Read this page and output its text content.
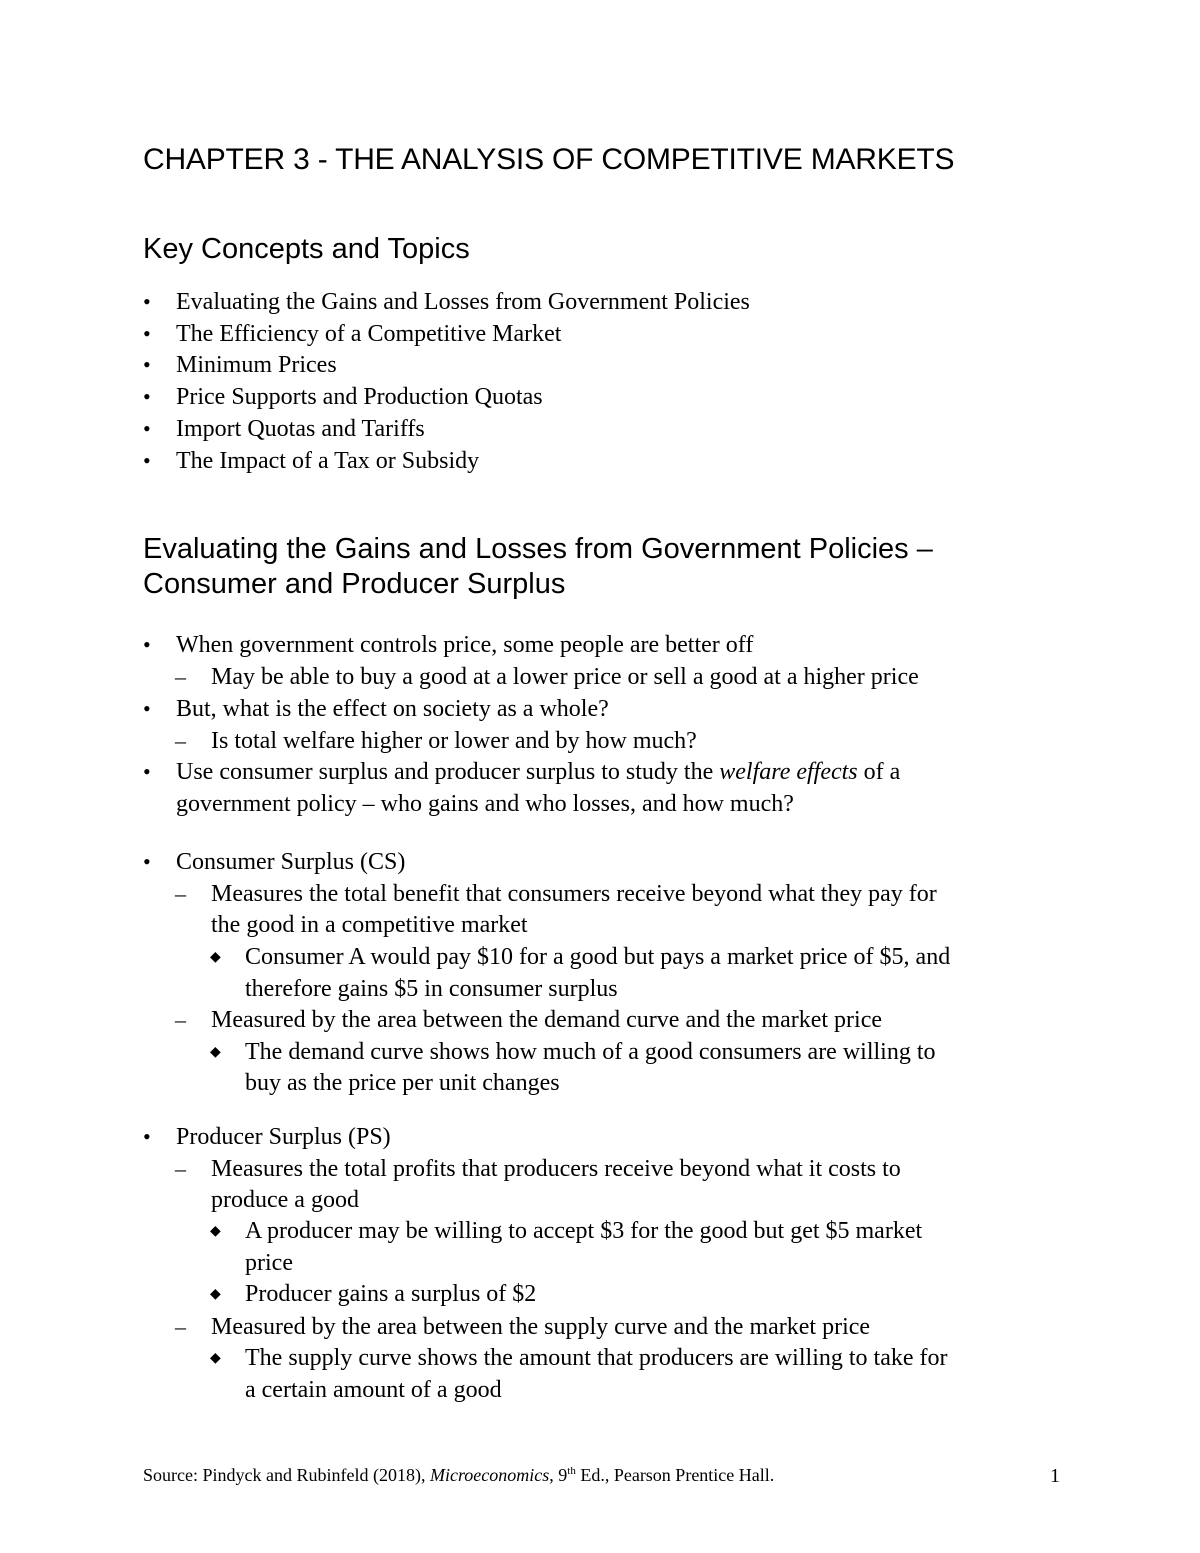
CHAPTER 3 - THE ANALYSIS OF COMPETITIVE MARKETS
Key Concepts and Topics
• Evaluating the Gains and Losses from Government Policies
• The Efficiency of a Competitive Market
• Minimum Prices
• Price Supports and Production Quotas
• Import Quotas and Tariffs
• The Impact of a Tax or Subsidy
Evaluating the Gains and Losses from Government Policies –
Consumer and Producer Surplus
• When government controls price, some people are better off
– May be able to buy a good at a lower price or sell a good at a higher price
• But, what is the effect on society as a whole?
– Is total welfare higher or lower and by how much?
• Use consumer surplus and producer surplus to study the welfare effects of a
government policy – who gains and who losses, and how much?
• Consumer Surplus (CS)
– Measures the total benefit that consumers receive beyond what they pay for
the good in a competitive market
◆ Consumer A would pay $10 for a good but pays a market price of $5, and
therefore gains $5 in consumer surplus
– Measured by the area between the demand curve and the market price
◆ The demand curve shows how much of a good consumers are willing to
buy as the price per unit changes
• Producer Surplus (PS)
– Measures the total profits that producers receive beyond what it costs to
produce a good
◆ A producer may be willing to accept $3 for the good but get $5 market
price
◆ Producer gains a surplus of $2
– Measured by the area between the supply curve and the market price
◆ The supply curve shows the amount that producers are willing to take for
a certain amount of a good
Source: Pindyck and Rubinfeld (2018), Microeconomics, 9th Ed., Pearson Prentice Hall.	1
